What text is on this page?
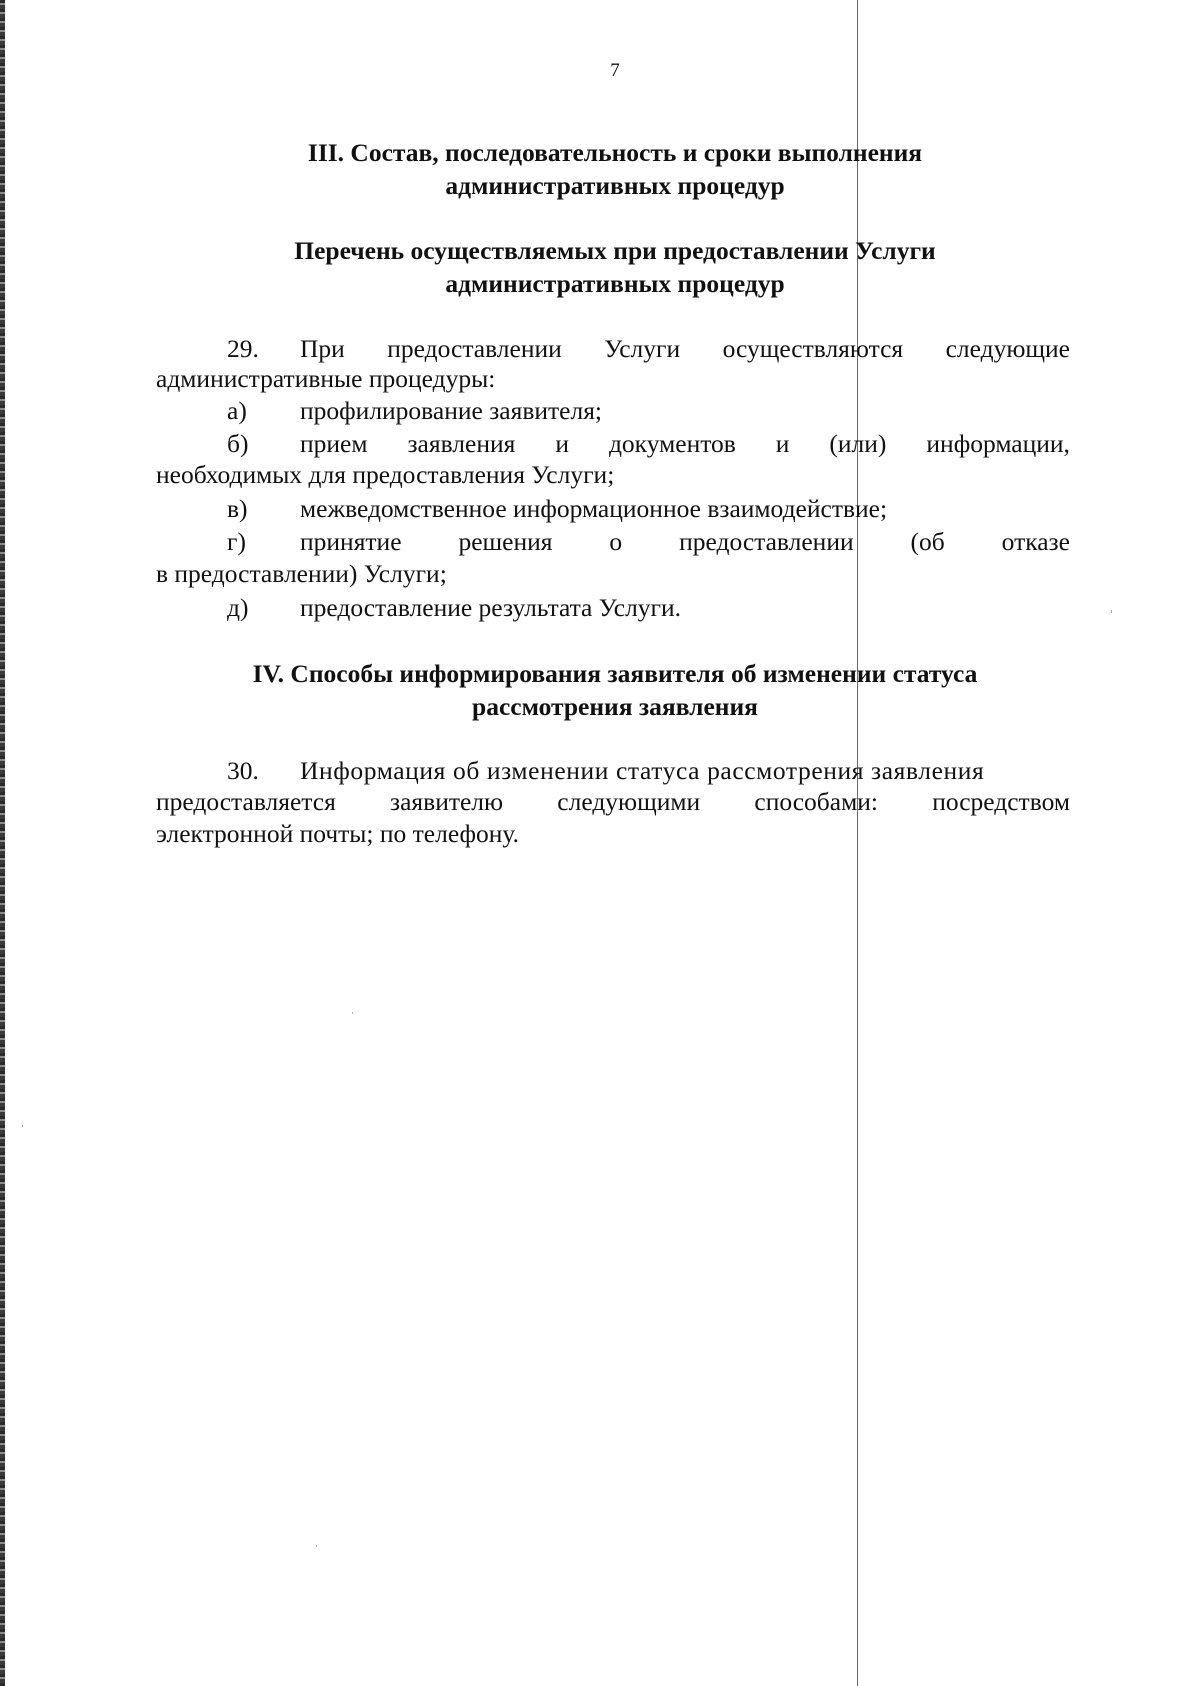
7
III. Состав, последовательность и сроки выполнения
административных процедур
Перечень осуществляемых при предоставлении Услуги
административных процедур
29. При предоставлении Услуги осуществляются следующие
административные процедуры:
а) профилирование заявителя;
б) прием заявления и документов и (или) информации,
необходимых для предоставления Услуги;
в) межведомственное информационное взаимодействие;
г) принятие решения о предоставлении (об отказе
в предоставлении) Услуги;
д) предоставление результата Услуги.
IV. Способы информирования заявителя об изменении статуса
рассмотрения заявления
30. Информация об изменении статуса рассмотрения заявления
предоставляется заявителю следующими способами: посредством
электронной почты; по телефону.
